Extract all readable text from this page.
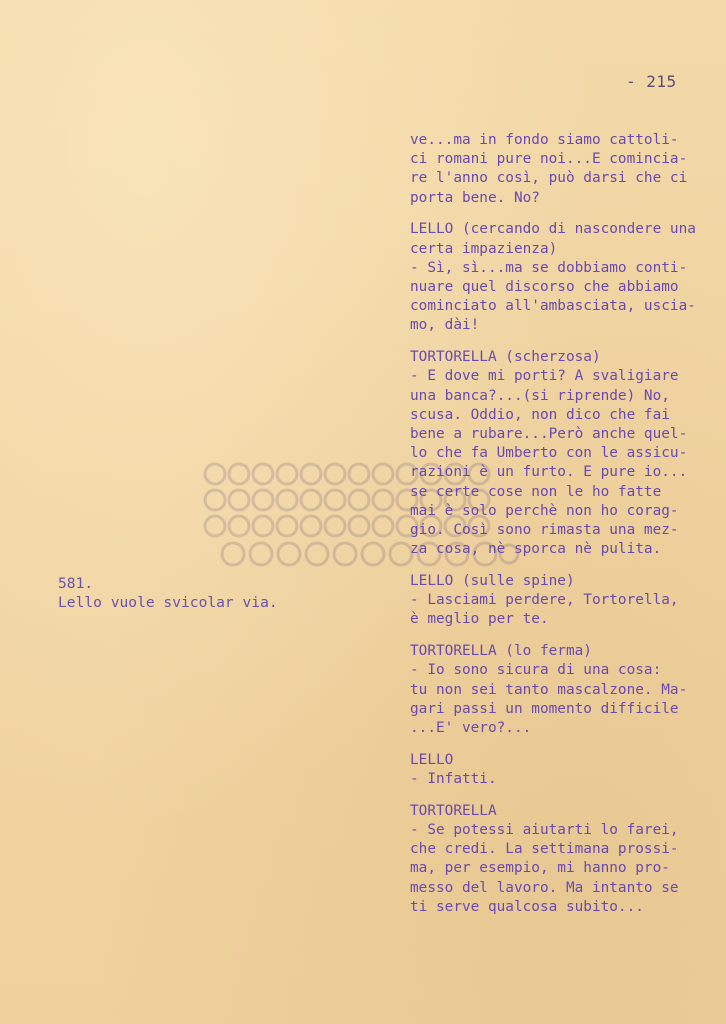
- 215
581.
Lello vuole svicolar via.
ve...ma in fondo siamo cattoli-
ci romani pure noi...E comincia-
re l'anno così, può darsi che ci
porta bene. No?
LELLO (cercando di nascondere una
certa impazienza)
- Sì, sì...ma se dobbiamo conti-
nuare quel discorso che abbiamo
cominciato all'ambasciata, uscia-
mo, dài!
TORTORELLA (scherzosa)
- E dove mi porti? A svaligiare
una banca?...(si riprende) No,
scusa. Oddio, non dico che fai
bene a rubare...Però anche quel-
lo che fa Umberto con le assicu-
razioni è un furto. E pure io...
se certe cose non le ho fatte
mai è solo perchè non ho corag-
gio. Così sono rimasta una mez-
za cosa, nè sporca nè pulita.
LELLO (sulle spine)
- Lasciami perdere, Tortorella,
è meglio per te.
TORTORELLA (lo ferma)
- Io sono sicura di una cosa:
tu non sei tanto mascalzone. Ma-
gari passi un momento difficile
...E' vero?...
LELLO
- Infatti.
TORTORELLA
- Se potessi aiutarti lo farei,
che credi. La settimana prossi-
ma, per esempio, mi hanno pro-
messo del lavoro. Ma intanto se
ti serve qualcosa subito...
